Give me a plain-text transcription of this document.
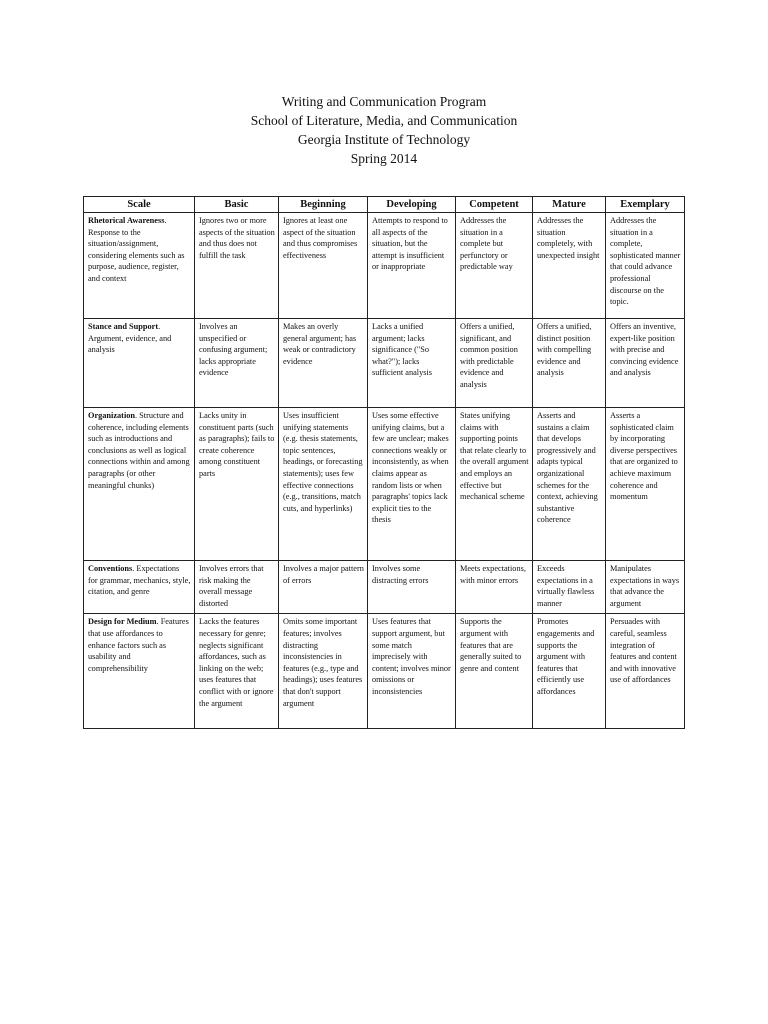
Writing and Communication Program
School of Literature, Media, and Communication
Georgia Institute of Technology
Spring 2014
Scale	Basic	Beginning	Developing	Competent	Mature	Exemplary
Rhetorical Awareness. Response to the situation/assignment, considering elements such as purpose, audience, register, and context	Ignores two or more aspects of the situation and thus does not fulfill the task	Ignores at least one aspect of the situation and thus compromises effectiveness	Attempts to respond to all aspects of the situation, but the attempt is insufficient or inappropriate	Addresses the situation in a complete but perfunctory or predictable way	Addresses the situation completely, with unexpected insight	Addresses the situation in a complete, sophisticated manner that could advance professional discourse on the topic.
Stance and Support. Argument, evidence, and analysis	Involves an unspecified or confusing argument; lacks appropriate evidence	Makes an overly general argument; has weak or contradictory evidence	Lacks a unified argument; lacks significance ("So what?"); lacks sufficient analysis	Offers a unified, significant, and common position with predictable evidence and analysis	Offers a unified, distinct position with compelling evidence and analysis	Offers an inventive, expert-like position with precise and convincing evidence and analysis
Organization. Structure and coherence, including elements such as introductions and conclusions as well as logical connections within and among paragraphs (or other meaningful chunks)	Lacks unity in constituent parts (such as paragraphs); fails to create coherence among constituent parts	Uses insufficient unifying statements (e.g. thesis statements, topic sentences, headings, or forecasting statements); uses few effective connections (e.g., transitions, match cuts, and hyperlinks)	Uses some effective unifying claims, but a few are unclear; makes connections weakly or inconsistently, as when claims appear as random lists or when paragraphs' topics lack explicit ties to the thesis	States unifying claims with supporting points that relate clearly to the overall argument and employs an effective but mechanical scheme	Asserts and sustains a claim that develops progressively and adapts typical organizational schemes for the context, achieving substantive coherence	Asserts a sophisticated claim by incorporating diverse perspectives that are organized to achieve maximum coherence and momentum
Conventions. Expectations for grammar, mechanics, style, citation, and genre	Involves errors that risk making the overall message distorted	Involves a major pattern of errors	Involves some distracting errors	Meets expectations, with minor errors	Exceeds expectations in a virtually flawless manner	Manipulates expectations in ways that advance the argument
Design for Medium. Features that use affordances to enhance factors such as usability and comprehensibility	Lacks the features necessary for genre; neglects significant affordances, such as linking on the web; uses features that conflict with or ignore the argument	Omits some important features; involves distracting inconsistencies in features (e.g., type and headings); uses features that don't support argument	Uses features that support argument, but some match imprecisely with content; involves minor omissions or inconsistencies	Supports the argument with features that are generally suited to genre and content	Promotes engagements and supports the argument with features that efficiently use affordances	Persuades with careful, seamless integration of features and content and with innovative use of affordances
